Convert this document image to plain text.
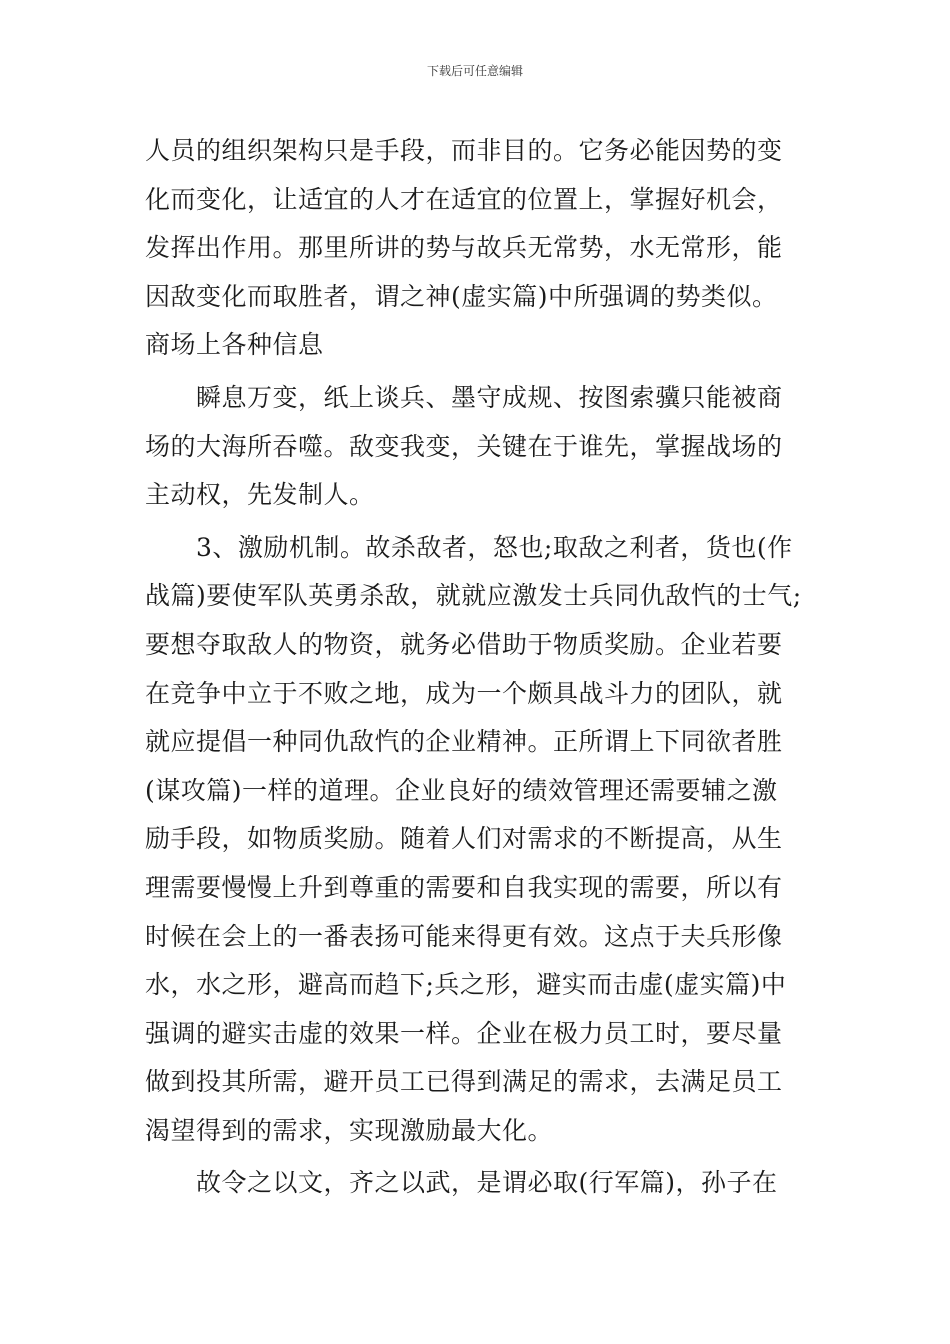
下载后可任意编辑

人员的组织架构只是手段，而非目的。它务必能因势的变
化而变化，让适宜的人才在适宜的位置上，掌握好机会，
发挥出作用。那里所讲的势与故兵无常势，水无常形，能
因敌变化而取胜者，谓之神(虚实篇)中所强调的势类似。
商场上各种信息

瞬息万变，纸上谈兵、墨守成规、按图索骥只能被商
场的大海所吞噬。敌变我变，关键在于谁先，掌握战场的
主动权，先发制人。

3、激励机制。故杀敌者，怒也;取敌之利者，货也(作
战篇)要使军队英勇杀敌，就就应激发士兵同仇敌忾的士气;
要想夺取敌人的物资，就务必借助于物质奖励。企业若要
在竞争中立于不败之地，成为一个颇具战斗力的团队，就
就应提倡一种同仇敌忾的企业精神。正所谓上下同欲者胜
(谋攻篇)一样的道理。企业良好的绩效管理还需要辅之激
励手段，如物质奖励。随着人们对需求的不断提高，从生
理需要慢慢上升到尊重的需要和自我实现的需要，所以有
时候在会上的一番表扬可能来得更有效。这点于夫兵形像
水，水之形，避高而趋下;兵之形，避实而击虚(虚实篇)中
强调的避实击虚的效果一样。企业在极力员工时，要尽量
做到投其所需，避开员工已得到满足的需求，去满足员工
渴望得到的需求，实现激励最大化。

故令之以文，齐之以武，是谓必取(行军篇)，孙子在
